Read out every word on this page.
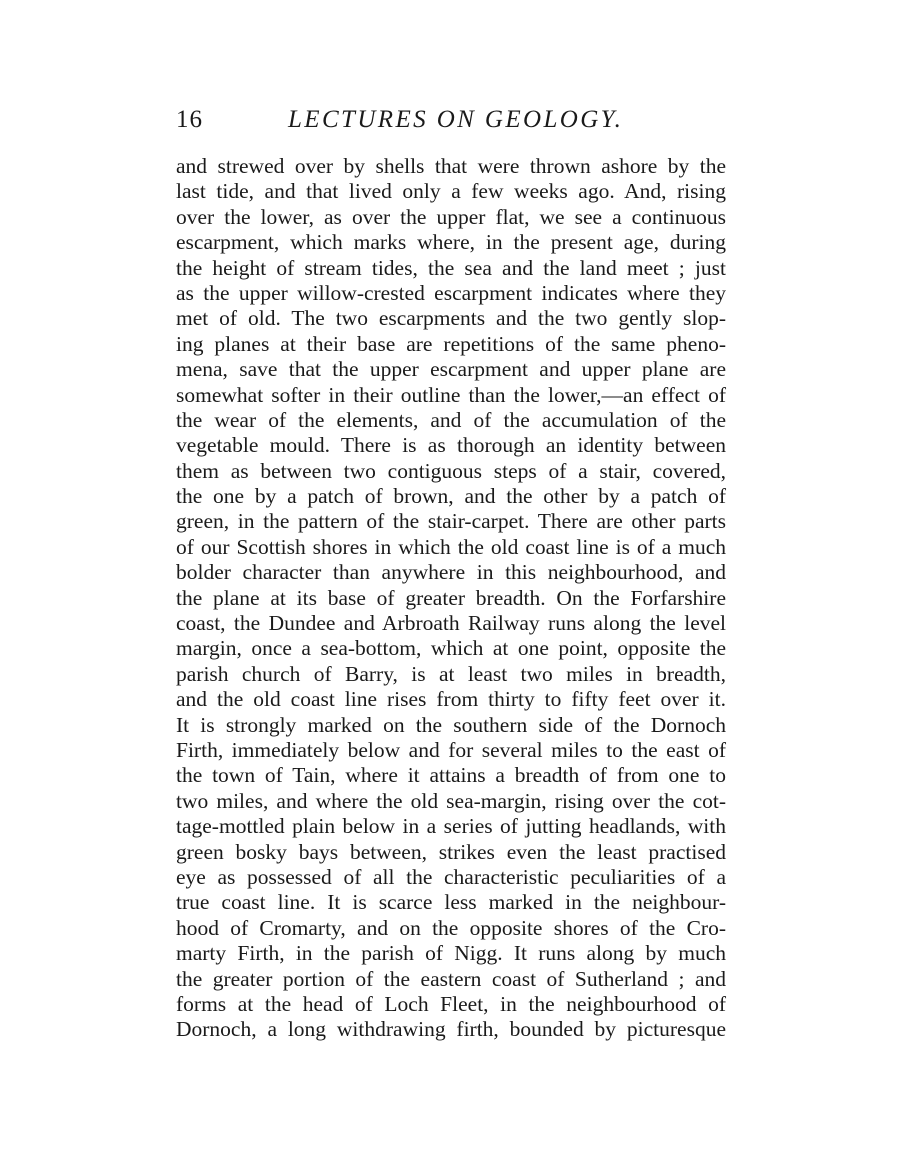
16	LECTURES ON GEOLOGY.
and strewed over by shells that were thrown ashore by the
last tide, and that lived only a few weeks ago. And, rising
over the lower, as over the upper flat, we see a continuous
escarpment, which marks where, in the present age, during
the height of stream tides, the sea and the land meet ; just
as the upper willow-crested escarpment indicates where they
met of old. The two escarpments and the two gently slop-
ing planes at their base are repetitions of the same pheno-
mena, save that the upper escarpment and upper plane are
somewhat softer in their outline than the lower,—an effect of
the wear of the elements, and of the accumulation of the
vegetable mould. There is as thorough an identity between
them as between two contiguous steps of a stair, covered,
the one by a patch of brown, and the other by a patch of
green, in the pattern of the stair-carpet. There are other parts
of our Scottish shores in which the old coast line is of a much
bolder character than anywhere in this neighbourhood, and
the plane at its base of greater breadth. On the Forfarshire
coast, the Dundee and Arbroath Railway runs along the level
margin, once a sea-bottom, which at one point, opposite the
parish church of Barry, is at least two miles in breadth,
and the old coast line rises from thirty to fifty feet over it.
It is strongly marked on the southern side of the Dornoch
Firth, immediately below and for several miles to the east of
the town of Tain, where it attains a breadth of from one to
two miles, and where the old sea-margin, rising over the cot-
tage-mottled plain below in a series of jutting headlands, with
green bosky bays between, strikes even the least practised
eye as possessed of all the characteristic peculiarities of a
true coast line. It is scarce less marked in the neighbour-
hood of Cromarty, and on the opposite shores of the Cro-
marty Firth, in the parish of Nigg. It runs along by much
the greater portion of the eastern coast of Sutherland ; and
forms at the head of Loch Fleet, in the neighbourhood of
Dornoch, a long withdrawing firth, bounded by picturesque
